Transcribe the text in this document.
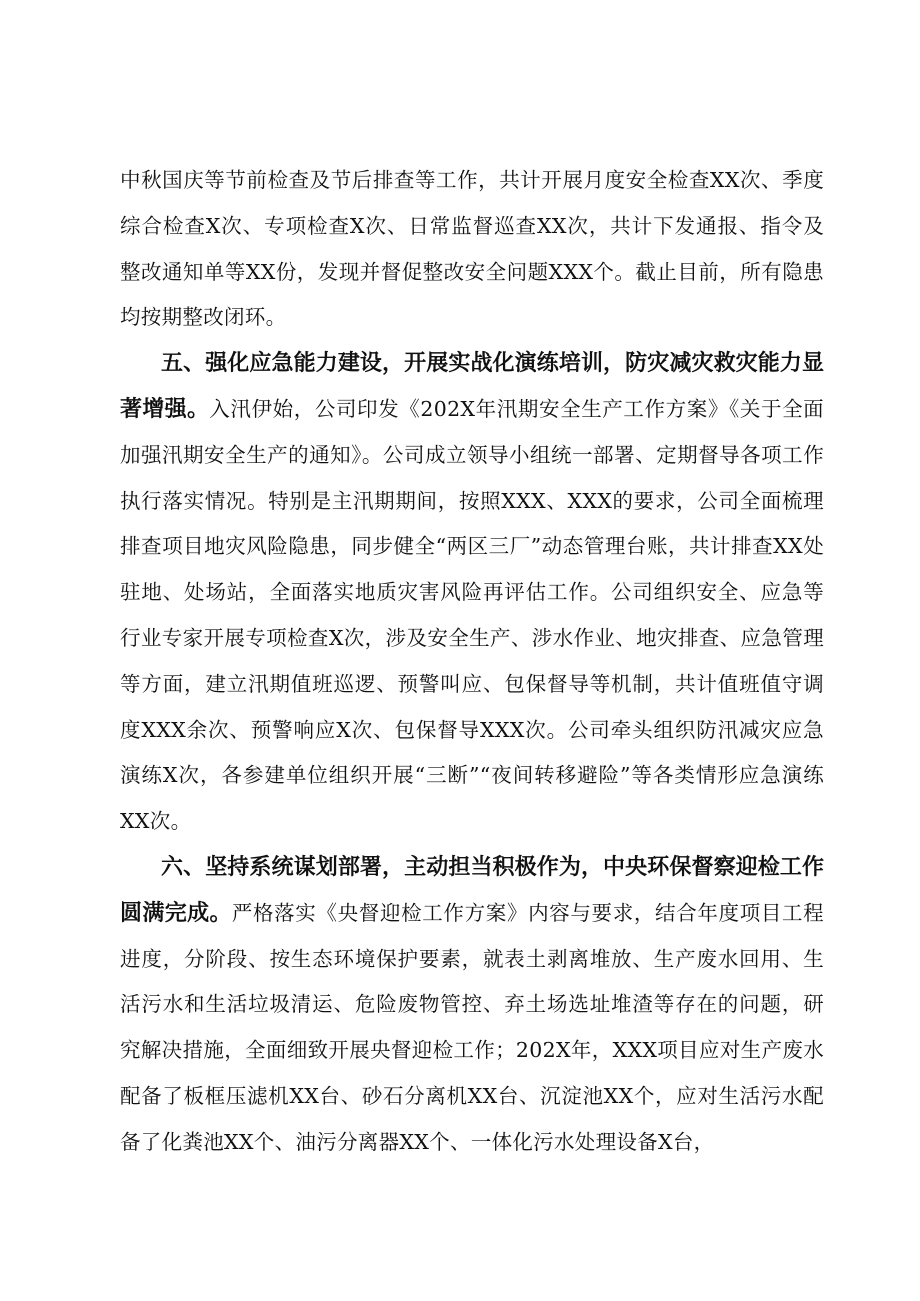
中秋国庆等节前检查及节后排查等工作，共计开展月度安全检查XX次、季度综合检查X次、专项检查X次、日常监督巡查XX次，共计下发通报、指令及整改通知单等XX份，发现并督促整改安全问题XXX个。截止目前，所有隐患均按期整改闭环。

五、强化应急能力建设，开展实战化演练培训，防灾减灾救灾能力显著增强。入汛伊始，公司印发《202X年汛期安全生产工作方案》《关于全面加强汛期安全生产的通知》。公司成立领导小组统一部署、定期督导各项工作执行落实情况。特别是主汛期期间，按照XXX、XXX的要求，公司全面梳理排查项目地灾风险隐患，同步健全“两区三厂”动态管理台账，共计排查XX处驻地、处场站，全面落实地质灾害风险再评估工作。公司组织安全、应急等行业专家开展专项检查X次，涉及安全生产、涉水作业、地灾排查、应急管理等方面，建立汛期值班巡逻、预警叫应、包保督导等机制，共计值班值守调度XXX余次、预警响应X次、包保督导XXX次。公司牵头组织防汛减灾应急演练X次，各参建单位组织开展“三断”“夜间转移避险”等各类情形应急演练XX次。

六、坚持系统谋划部署，主动担当积极作为，中央环保督察迎检工作圆满完成。严格落实《央督迎检工作方案》内容与要求，结合年度项目工程进度，分阶段、按生态环境保护要素，就表土剥离堆放、生产废水回用、生活污水和生活垃圾清运、危险废物管控、弃土场选址堆渣等存在的问题，研究解决措施，全面细致开展央督迎检工作；202X年，XXX项目应对生产废水配备了板框压滤机XX台、砂石分离机XX台、沉淀池XX个，应对生活污水配备了化粪池XX个、油污分离器XX个、一体化污水处理设备X台，
